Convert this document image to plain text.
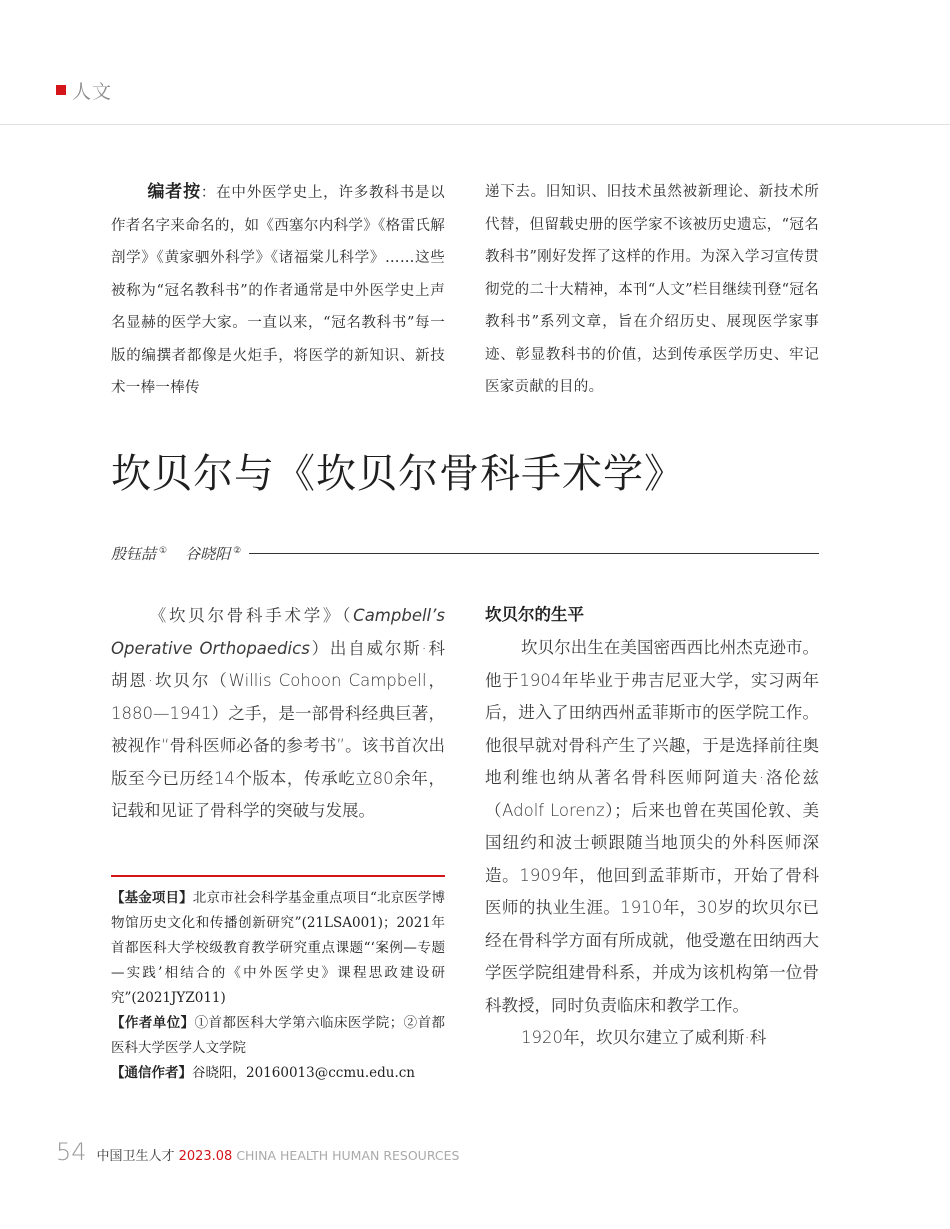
人文

编者按：在中外医学史上，许多教科书是以作者名字来命名的，如《西塞尔内科学》《格雷氏解剖学》《黄家驷外科学》《诸福棠儿科学》……这些被称为“冠名教科书”的作者通常是中外医学史上声名显赫的医学大家。一直以来，“冠名教科书”每一版的编撰者都像是火炬手，将医学的新知识、新技术一棒一棒传

递下去。旧知识、旧技术虽然被新理论、新技术所代替，但留载史册的医学家不该被历史遗忘，“冠名教科书”刚好发挥了这样的作用。为深入学习宣传贯彻党的二十大精神，本刊“人文”栏目继续刊登“冠名教科书”系列文章，旨在介绍历史、展现医学家事迹、彰显教科书的价值，达到传承医学历史、牢记医家贡献的目的。

坎贝尔与《坎贝尔骨科手术学》
殷钰喆 ① 谷晓阳 ②

《坎贝尔骨科手术学》（Campbell’s Operative Orthopaedics）出自威尔斯·科胡恩·坎贝尔（Willis Cohoon Campbell，1880—1941）之手，是一部骨科经典巨著，被视作“骨科医师必备的参考书”。该书首次出版至今已历经14个版本，传承屹立80余年，记载和见证了骨科学的突破与发展。

【基金项目】北京市社会科学基金重点项目“北京医学博物馆历史文化和传播创新研究”(21LSA001)；2021年首都医科大学校级教育教学研究重点课题“‘案例—专题—实践’相结合的《中外医学史》课程思政建设研究”(2021JYZ011)

【作者单位】①首都医科大学第六临床医学院；②首都医科大学医学人文学院

【通信作者】谷晓阳，20160013@ccmu.edu.cn

坎贝尔的生平

坎贝尔出生在美国密西西比州杰克逊市。他于1904年毕业于弗吉尼亚大学，实习两年后，进入了田纳西州孟菲斯市的医学院工作。他很早就对骨科产生了兴趣，于是选择前往奥地利维也纳从著名骨科医师阿道夫·洛伦兹（Adolf Lorenz）；后来也曾在英国伦敦、美国纽约和波士顿跟随当地顶尖的外科医师深造。1909年，他回到孟菲斯市，开始了骨科医师的执业生涯。1910年，30岁的坎贝尔已经在骨科学方面有所成就，他受邀在田纳西大学医学院组建骨科系，并成为该机构第一位骨科教授，同时负责临床和教学工作。

1920年，坎贝尔建立了威利斯·科

54 中国卫生人才 2023.08 CHINA HEALTH HUMAN RESOURCES
